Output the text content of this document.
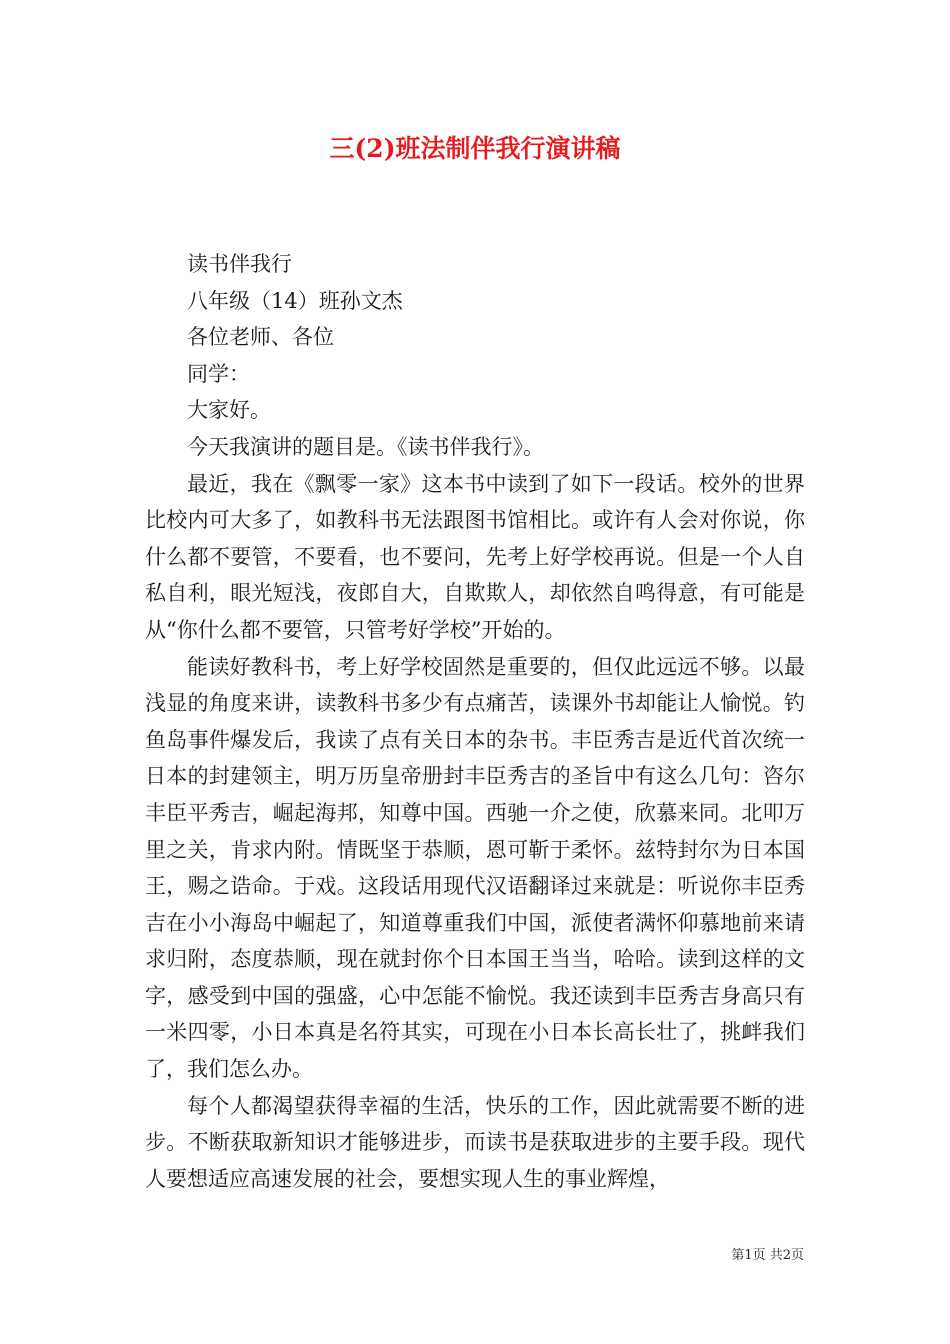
三(2)班法制伴我行演讲稿
读书伴我行
八年级（14）班孙文杰
各位老师、各位
同学：
大家好。
今天我演讲的题目是。《读书伴我行》。

最近，我在《飘零一家》这本书中读到了如下一段话。校外的世界比校内可大多了，如教科书无法跟图书馆相比。或许有人会对你说，你什么都不要管，不要看，也不要问，先考上好学校再说。但是一个人自私自利，眼光短浅，夜郎自大，自欺欺人，却依然自鸣得意，有可能是从“你什么都不要管，只管考好学校”开始的。

能读好教科书，考上好学校固然是重要的，但仅此远远不够。以最浅显的角度来讲，读教科书多少有点痛苦，读课外书却能让人愉悦。钓鱼岛事件爆发后，我读了点有关日本的杂书。丰臣秀吉是近代首次统一日本的封建领主，明万历皇帝册封丰臣秀吉的圣旨中有这么几句：咨尔丰臣平秀吉，崛起海邦，知尊中国。西驰一介之使，欣慕来同。北叩万里之关，肯求内附。情既坚于恭顺，恩可靳于柔怀。兹特封尔为日本国王，赐之诰命。于戏。这段话用现代汉语翻译过来就是：听说你丰臣秀吉在小小海岛中崛起了，知道尊重我们中国，派使者满怀仰慕地前来请求归附，态度恭顺，现在就封你个日本国王当当，哈哈。读到这样的文字，感受到中国的强盛，心中怎能不愉悦。我还读到丰臣秀吉身高只有一米四零，小日本真是名符其实，可现在小日本长高长壮了，挑衅我们了，我们怎么办。

每个人都渴望获得幸福的生活，快乐的工作，因此就需要不断的进步。不断获取新知识才能够进步，而读书是获取进步的主要手段。现代人要想适应高速发展的社会，要想实现人生的事业辉煌，

第1页 共2页
